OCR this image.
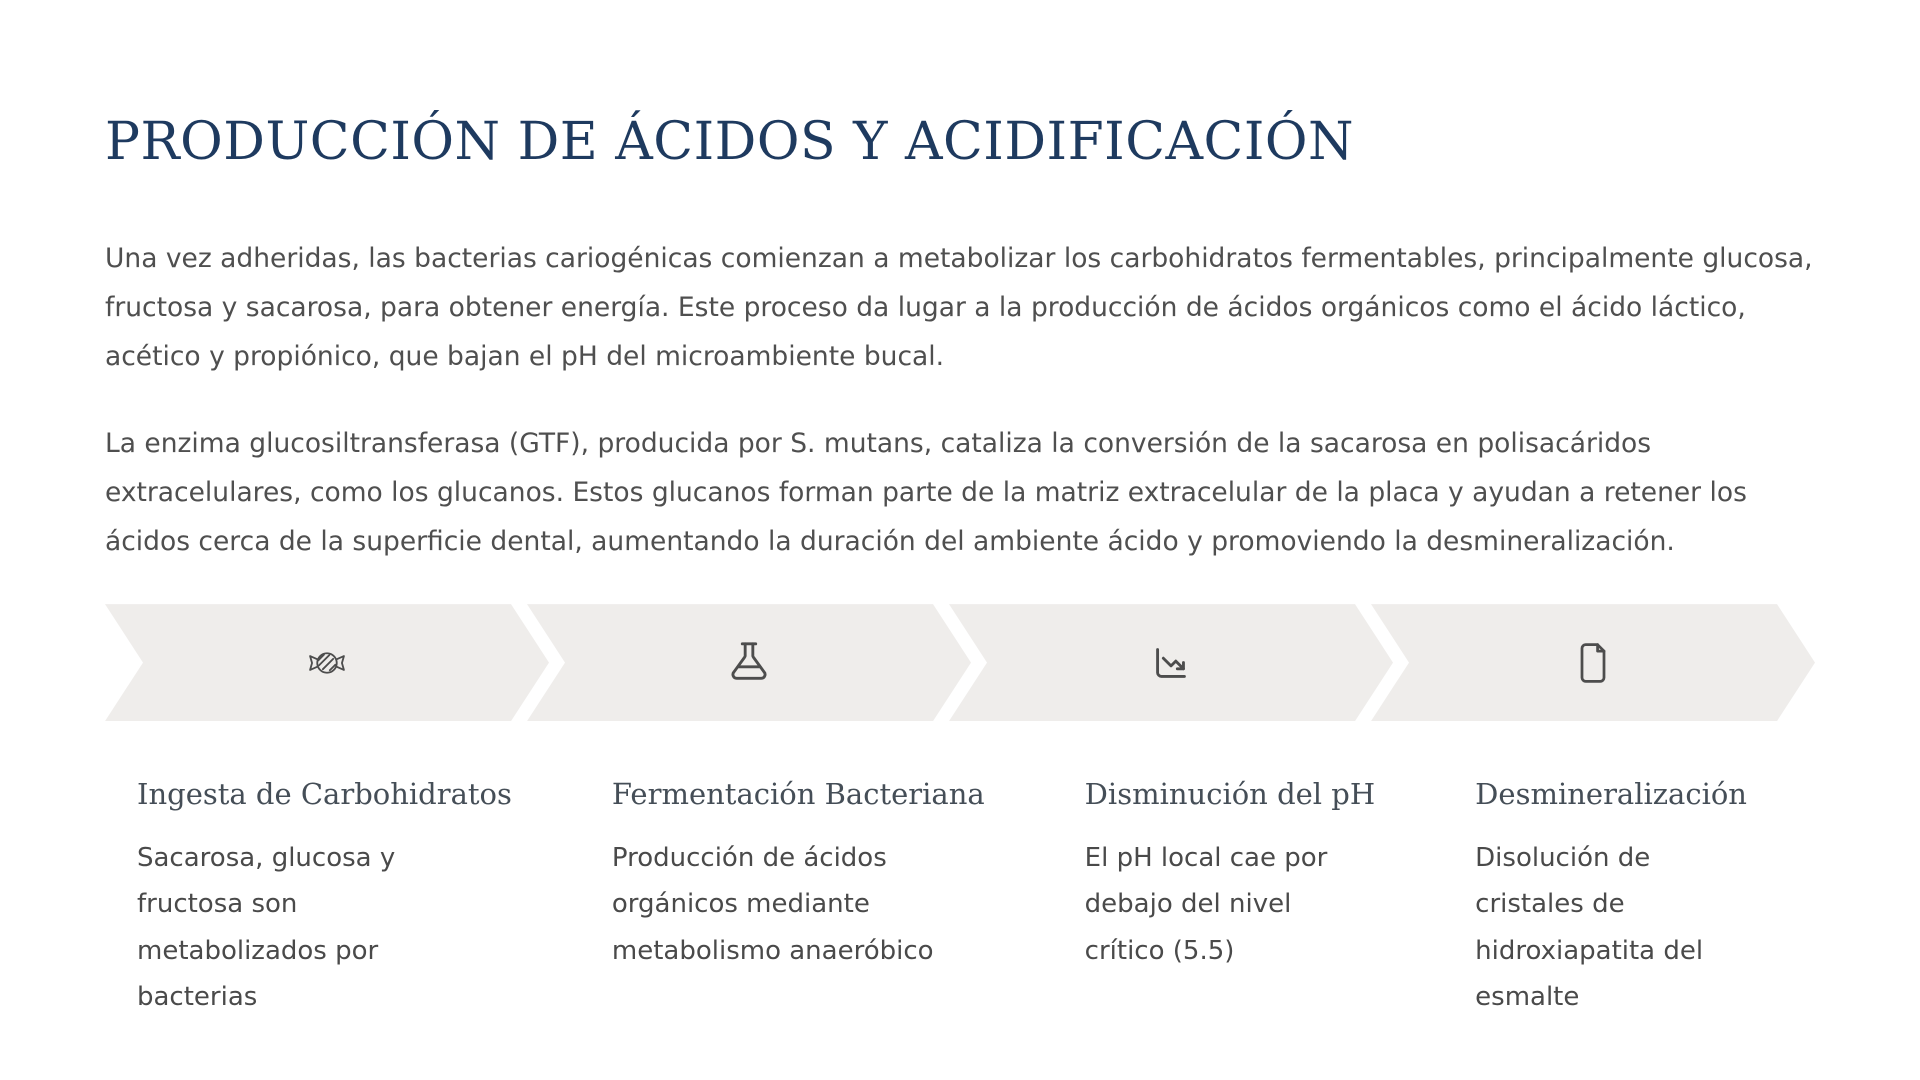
PRODUCCIÓN DE ÁCIDOS Y ACIDIFICACIÓN

Una vez adheridas, las bacterias cariogénicas comienzan a metabolizar los carbohidratos fermentables, principalmente glucosa, fructosa y sacarosa, para obtener energía. Este proceso da lugar a la producción de ácidos orgánicos como el ácido láctico, acético y propiónico, que bajan el pH del microambiente bucal.

La enzima glucosiltransferasa (GTF), producida por S. mutans, cataliza la conversión de la sacarosa en polisacáridos extracelulares, como los glucanos. Estos glucanos forman parte de la matriz extracelular de la placa y ayudan a retener los ácidos cerca de la superficie dental, aumentando la duración del ambiente ácido y promoviendo la desmineralización.

Ingesta de Carbohidratos

Sacarosa, glucosa y fructosa son metabolizados por bacterias

Fermentación Bacteriana

Producción de ácidos orgánicos mediante metabolismo anaeróbico

Disminución del pH

El pH local cae por debajo del nivel crítico (5.5)

Desmineralización

Disolución de cristales de hidroxiapatita del esmalte
